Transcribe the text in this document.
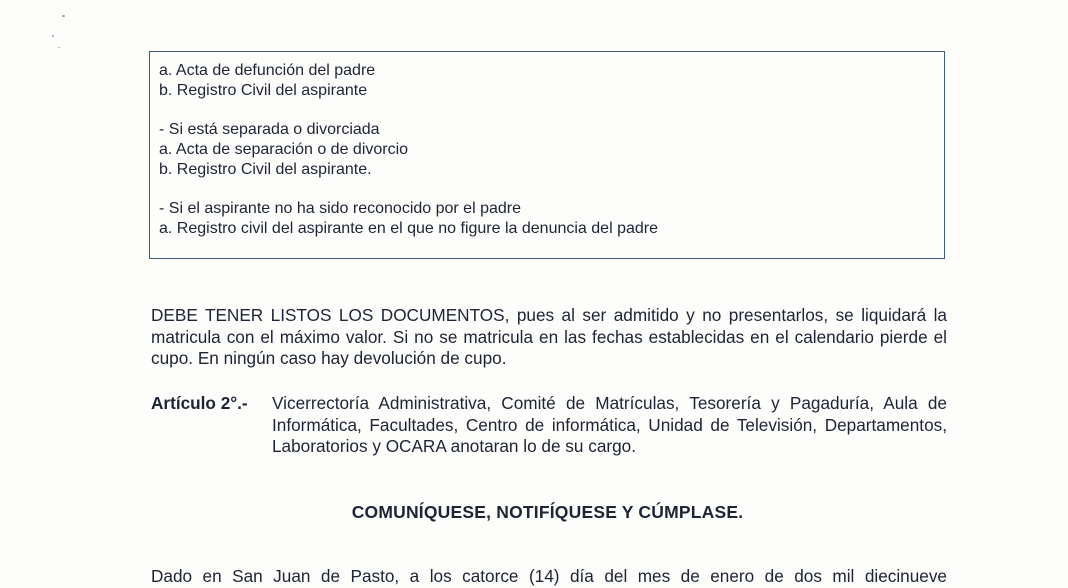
a. Acta de defunción del padre
b. Registro Civil del aspirante
- Si está separada o divorciada
a. Acta de separación o de divorcio
b. Registro Civil del aspirante.
- Si el aspirante no ha sido reconocido por el padre
a. Registro civil del aspirante en el que no figure la denuncia del padre
DEBE TENER LISTOS LOS DOCUMENTOS, pues al ser admitido y no presentarlos, se liquidará la matricula con el máximo valor. Si no se matricula en las fechas establecidas en el calendario pierde el cupo. En ningún caso hay devolución de cupo.
Artículo 2°.- Vicerrectoría Administrativa, Comité de Matrículas, Tesorería y Pagaduría, Aula de Informática, Facultades, Centro de informática, Unidad de Televisión, Departamentos, Laboratorios y OCARA anotaran lo de su cargo.
COMUNÍQUESE, NOTIFÍQUESE Y CÚMPLASE.
Dado en San Juan de Pasto, a los catorce (14) día del mes de enero de dos mil diecinueve
